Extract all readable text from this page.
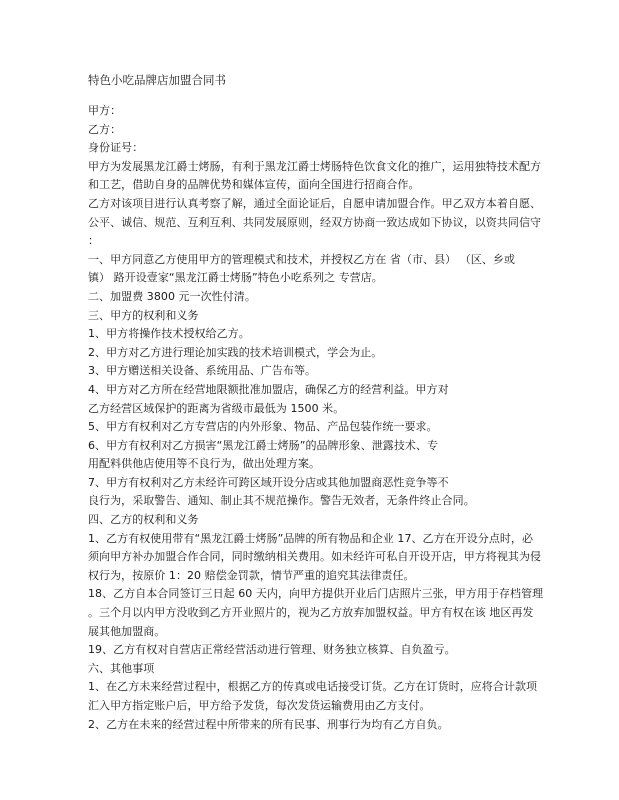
特色小吃品牌店加盟合同书

甲方：

乙方：

身份证号：

甲方为发展黑龙江爵士烤肠，有利于黑龙江爵士烤肠特色饮食文化的推广，运用独特技术配方

和工艺，借助自身的品牌优势和媒体宣传，面向全国进行招商合作。

乙方对该项目进行认真考察了解，通过全面论证后，自愿申请加盟合作。甲乙双方本着自愿、

公平、诚信、规范、互利互利、共同发展原则，经双方协商一致达成如下协议，以资共同信守

：

一、甲方同意乙方使用甲方的管理模式和技术，并授权乙方在 省（市、县） （区、乡或

镇） 路开设壹家“黑龙江爵士烤肠”特色小吃系列之 专营店。

二、加盟费 3800 元一次性付清。

三、甲方的权利和义务

1、甲方将操作技术授权给乙方。

2、甲方对乙方进行理论加实践的技术培训模式，学会为止。

3、甲方赠送相关设备、系统用品、广告布等。

4、甲方对乙方所在经营地限额批准加盟店，确保乙方的经营利益。甲方对

乙方经营区域保护的距离为省级市最低为 1500 米。

5、甲方有权利对乙方专营店的内外形象、物品、产品包装作统一要求。

6、甲方有权利对乙方损害“黑龙江爵士烤肠”的品牌形象、泄露技术、专

用配料供他店使用等不良行为，做出处理方案。

7、甲方有权利对乙方未经许可跨区域开设分店或其他加盟商恶性竞争等不

良行为，采取警告、通知、制止其不规范操作。警告无效者，无条件终止合同。

四、乙方的权利和义务

1、乙方有权使用带有“黑龙江爵士烤肠”品牌的所有物品和企业 17、乙方在开设分点时，必

须向甲方补办加盟合作合同，同时缴纳相关费用。如未经许可私自开设开店，甲方将视其为侵

权行为，按原价 1：20 赔偿金罚款，情节严重的追究其法律责任。

18、乙方自本合同签订三日起 60 天内，向甲方提供开业后门店照片三张，甲方用于存档管理

。三个月以内甲方没收到乙方开业照片的，视为乙方放弃加盟权益。甲方有权在该 地区再发

展其他加盟商。

19、乙方有权对自营店正常经营活动进行管理、财务独立核算、自负盈亏。

六、其他事项

1、在乙方未来经营过程中，根据乙方的传真或电话接受订货。乙方在订货时，应将合计款项

汇入甲方指定账户后，甲方给予发货，每次发货运输费用由乙方支付。

2、乙方在未来的经营过程中所带来的所有民事、刑事行为均有乙方自负。
